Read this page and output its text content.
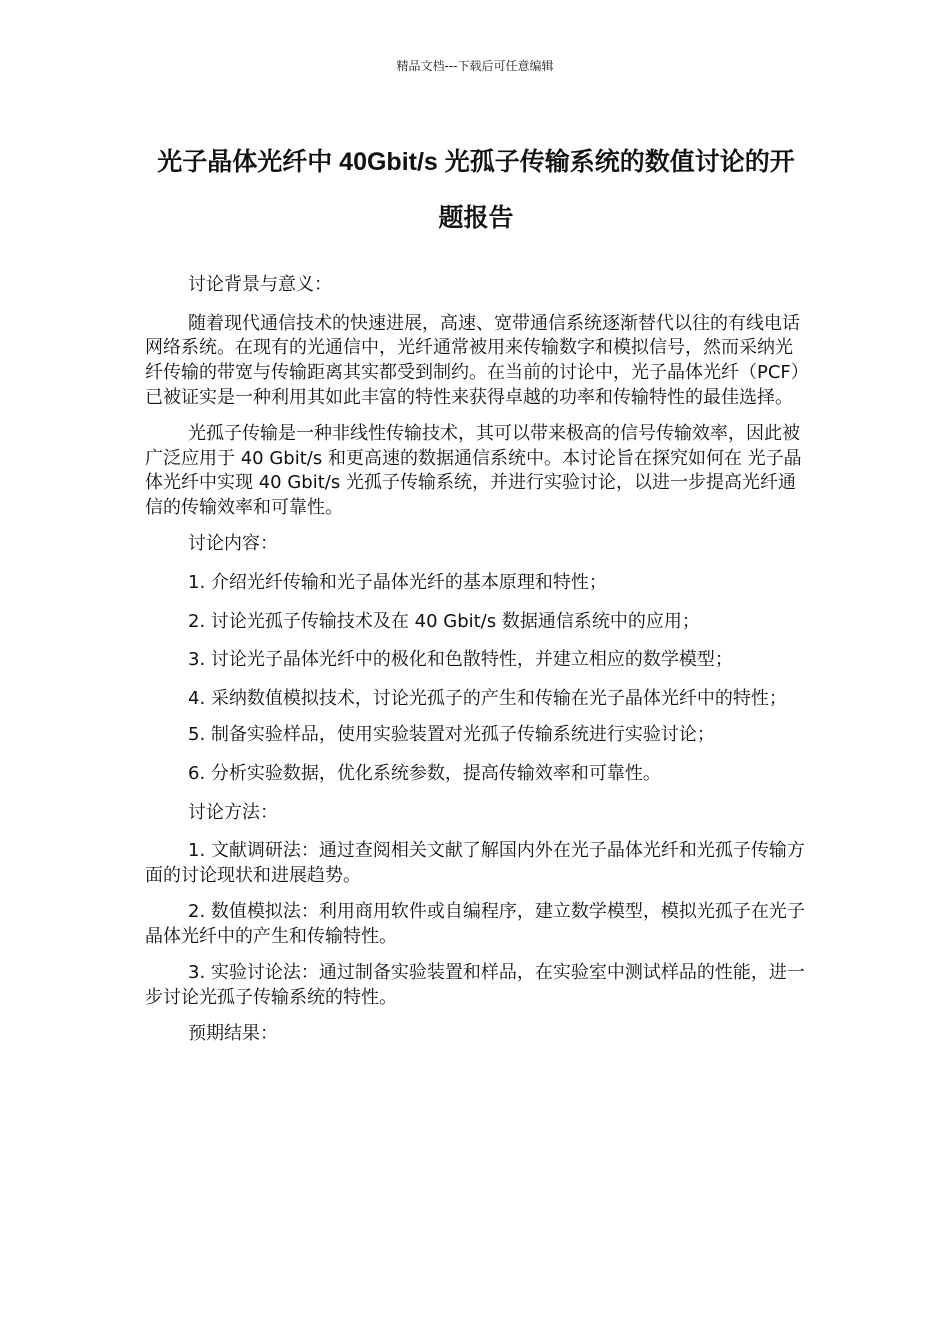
精品文档---下载后可任意编辑
光子晶体光纤中 40Gbit/s 光孤子传输系统的数值讨论的开题报告

讨论背景与意义：

随着现代通信技术的快速进展，高速、宽带通信系统逐渐替代以往的有线电话网络系统。在现有的光通信中，光纤通常被用来传输数字和模拟信号，然而采纳光纤传输的带宽与传输距离其实都受到制约。在当前的讨论中，光子晶体光纤（PCF）已被证实是一种利用其如此丰富的特性来获得卓越的功率和传输特性的最佳选择。

光孤子传输是一种非线性传输技术，其可以带来极高的信号传输效率，因此被广泛应用于 40 Gbit/s 和更高速的数据通信系统中。本讨论旨在探究如何在 光子晶体光纤中实现 40 Gbit/s 光孤子传输系统，并进行实验讨论，以进一步提高光纤通信的传输效率和可靠性。

讨论内容：

1. 介绍光纤传输和光子晶体光纤的基本原理和特性；

2. 讨论光孤子传输技术及在 40 Gbit/s 数据通信系统中的应用；

3. 讨论光子晶体光纤中的极化和色散特性，并建立相应的数学模型；

4. 采纳数值模拟技术，讨论光孤子的产生和传输在光子晶体光纤中的特性；

5. 制备实验样品，使用实验装置对光孤子传输系统进行实验讨论；

6. 分析实验数据，优化系统参数，提高传输效率和可靠性。

讨论方法：

1. 文献调研法：通过查阅相关文献了解国内外在光子晶体光纤和光孤子传输方面的讨论现状和进展趋势。

2. 数值模拟法：利用商用软件或自编程序，建立数学模型，模拟光孤子在光子晶体光纤中的产生和传输特性。

3. 实验讨论法：通过制备实验装置和样品，在实验室中测试样品的性能，进一步讨论光孤子传输系统的特性。

预期结果：
